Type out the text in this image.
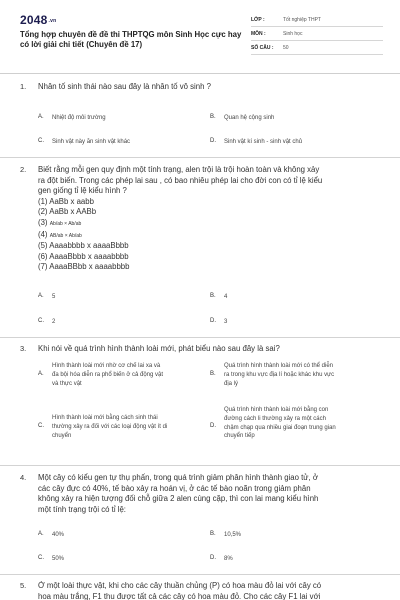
2048.vn
Tổng hợp chuyên đề đề thi THPTQG môn Sinh Học cực hay có lời giải chi tiết (Chuyên đề 17)
LỚP :	Tốt nghiệp THPT
MÔN :	Sinh học
SỐ CÂU :	50
1. Nhân tố sinh thái nào sau đây là nhân tố vô sinh ?
A.	Nhiệt độ môi trường	B.	Quan hệ cộng sinh
C.	Sinh vật này ăn sinh vật khác	D.	Sinh vật kí sinh - sinh vật chủ
2. Biết rằng mỗi gen quy định một tính trạng, alen trội là trội hoàn toàn và không xảy
ra đột biến. Trong các phép lai sau , có bao nhiêu phép lai cho đời con có tỉ lệ kiểu
gen giống tỉ lệ kiểu hình ?
(1) AaBb x aabb
(2) AaBb x AABb
(3) Ab/ab × Ab/ab
(4) AB/ab × Ab/ab
(5) Aaaabbbb x aaaaBbbb
(6) AaaaBbbb x aaaabbbb
(7) AaaaBBbb x aaaabbbb
A.	5	B.	4
C.	2	D.	3
3. Khi nói về quá trình hình thành loài mới, phát biểu nào sau đây là sai?
A.
Hình thành loài mới nhờ cơ chế lai xa và
đa bội hóa diễn ra phổ biến ở cả động vật
và thực vật
B.
Quá trình hình thành loài mới có thể diễn
ra trong khu vực địa lí hoặc khác khu vực
địa lý
C.
Hình thành loài mới bằng cách sinh thái
thường xảy ra đối với các loại động vật ít di
chuyển
D.
Quá trình hình thành loài mới bằng con
đường cách li thường xảy ra một cách
chậm chạp qua nhiều giai đoạn trung gian
chuyển tiếp
4. Một cây có kiểu gen tự thụ phấn, trong quá trình giảm phân hình thành giao tử, ở
các cây đực có 40%, tế bào xảy ra hoán vị, ở các tế bào noãn trong giảm phân
không xảy ra hiện tượng đối chỗ giữa 2 alen cùng cặp, thì con lai mang kiểu hình
một tính trạng trội có tỉ lệ:
A.	40%	B.	10,5%
C.	50%	D.	8%
5. Ở một loài thực vật, khi cho các cây thuần chủng (P) có hoa màu đỏ lai với cây có
hoa màu trắng, F1 thu được tất cả các cây có hoa màu đỏ. Cho các cây F1 lai với
